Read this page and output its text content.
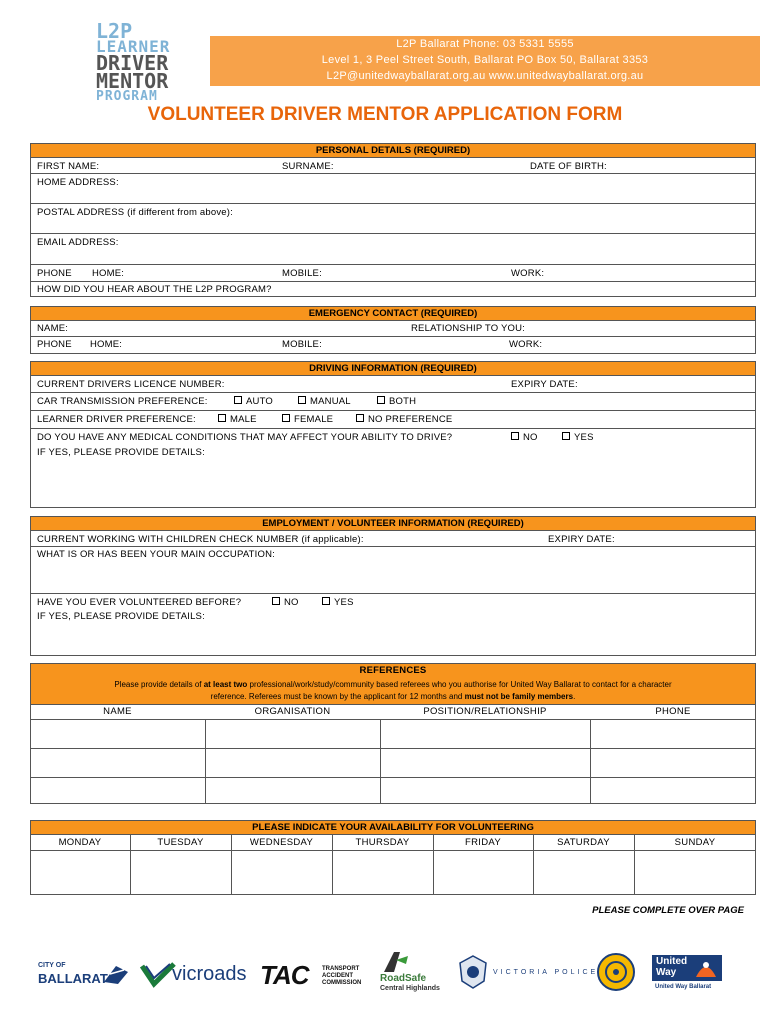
L2P
LEARNER
DRIVER
MENTOR
PROGRAM
L2P Ballarat Phone: 03 5331 5555
Level 1, 3 Peel Street South, Ballarat PO Box 50, Ballarat 3353
L2P@unitedwayballarat.org.au www.unitedwayballarat.org.au
VOLUNTEER DRIVER MENTOR APPLICATION FORM
PERSONAL DETAILS (REQUIRED)
FIRST NAME:	SURNAME:	DATE OF BIRTH:
HOME ADDRESS:
POSTAL ADDRESS (if different from above):
EMAIL ADDRESS:
PHONE HOME:	MOBILE:	WORK:
HOW DID YOU HEAR ABOUT THE L2P PROGRAM?
EMERGENCY CONTACT (REQUIRED)
NAME:	RELATIONSHIP TO YOU:
PHONE HOME:	MOBILE:	WORK:
DRIVING INFORMATION (REQUIRED)
CURRENT DRIVERS LICENCE NUMBER:	EXPIRY DATE:
CAR TRANSMISSION PREFERENCE:	AUTO	MANUAL	BOTH
LEARNER DRIVER PREFERENCE:	MALE	FEMALE	NO PREFERENCE
DO YOU HAVE ANY MEDICAL CONDITIONS THAT MAY AFFECT YOUR ABILITY TO DRIVE?	NO	YES
IF YES, PLEASE PROVIDE DETAILS:
EMPLOYMENT / VOLUNTEER INFORMATION (REQUIRED)
CURRENT WORKING WITH CHILDREN CHECK NUMBER (if applicable):	EXPIRY DATE:
WHAT IS OR HAS BEEN YOUR MAIN OCCUPATION:
HAVE YOU EVER VOLUNTEERED BEFORE?	NO	YES
IF YES, PLEASE PROVIDE DETAILS:
REFERENCES
Please provide details of at least two professional/work/study/community based referees who you authorise for United Way Ballarat to contact for a character
reference. Referees must be known by the applicant for 12 months and must not be family members.
NAME	ORGANISATION	POSITION/RELATIONSHIP	PHONE
PLEASE INDICATE YOUR AVAILABILITY FOR VOLUNTEERING
MONDAY	TUESDAY	WEDNESDAY	THURSDAY	FRIDAY	SATURDAY	SUNDAY
PLEASE COMPLETE OVER PAGE
CITY OF
BALLARAT	vicroads TAC TRANSPORT
ACCIDENT
COMMISSION RoadSafe
Central Highlands
VICTORIA POLICE
United
Way
United Way Ballarat
